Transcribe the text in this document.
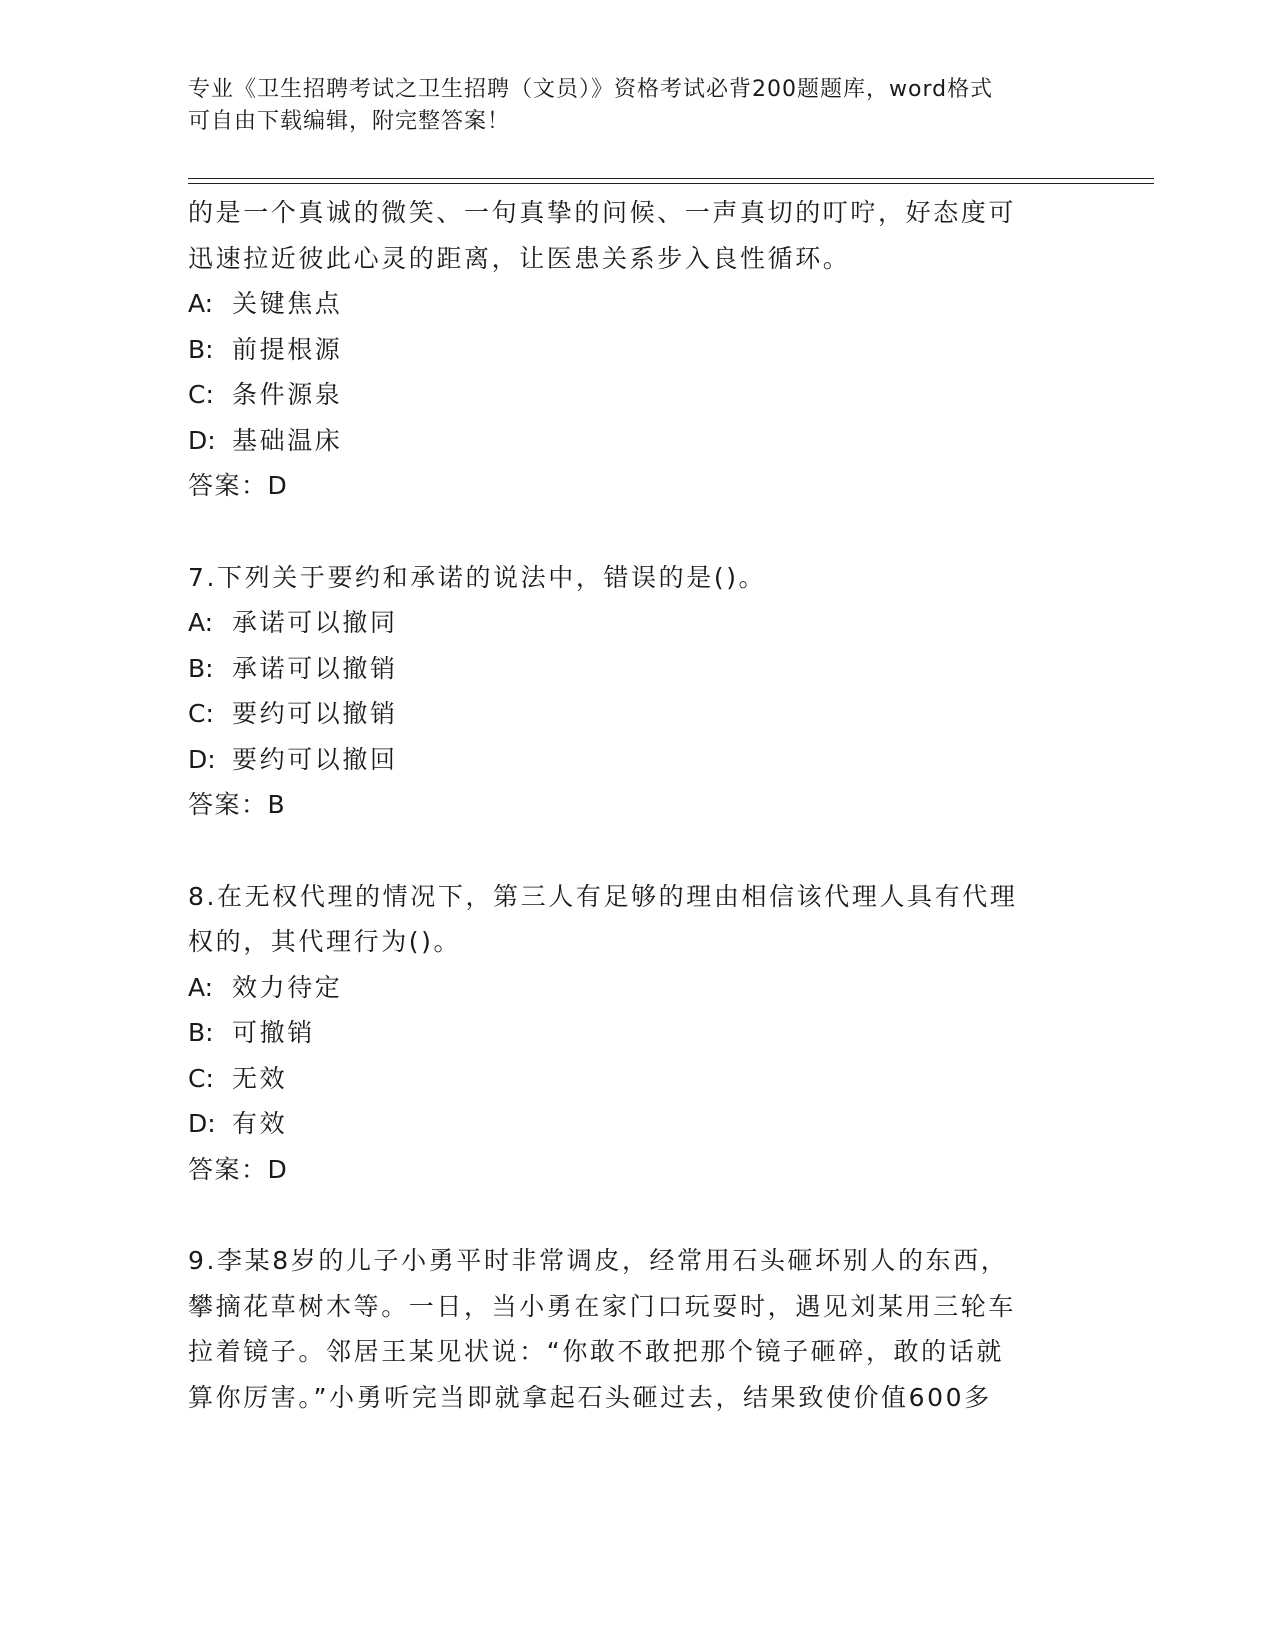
专业《卫生招聘考试之卫生招聘（文员）》资格考试必背200题题库，word格式
可自由下载编辑，附完整答案！
的是一个真诚的微笑、一句真挚的问候、一声真切的叮咛，好态度可
迅速拉近彼此心灵的距离，让医患关系步入良性循环。
A: 关键焦点
B: 前提根源
C: 条件源泉
D: 基础温床
答案：D
7.下列关于要约和承诺的说法中，错误的是()。
A: 承诺可以撤同
B: 承诺可以撤销
C: 要约可以撤销
D: 要约可以撤回
答案：B
8.在无权代理的情况下，第三人有足够的理由相信该代理人具有代理
权的，其代理行为()。
A: 效力待定
B: 可撤销
C: 无效
D: 有效
答案：D
9.李某8岁的儿子小勇平时非常调皮，经常用石头砸坏别人的东西，
攀摘花草树木等。一日，当小勇在家门口玩耍时，遇见刘某用三轮车
拉着镜子。邻居王某见状说：“你敢不敢把那个镜子砸碎，敢的话就
算你厉害。”小勇听完当即就拿起石头砸过去，结果致使价值600多
